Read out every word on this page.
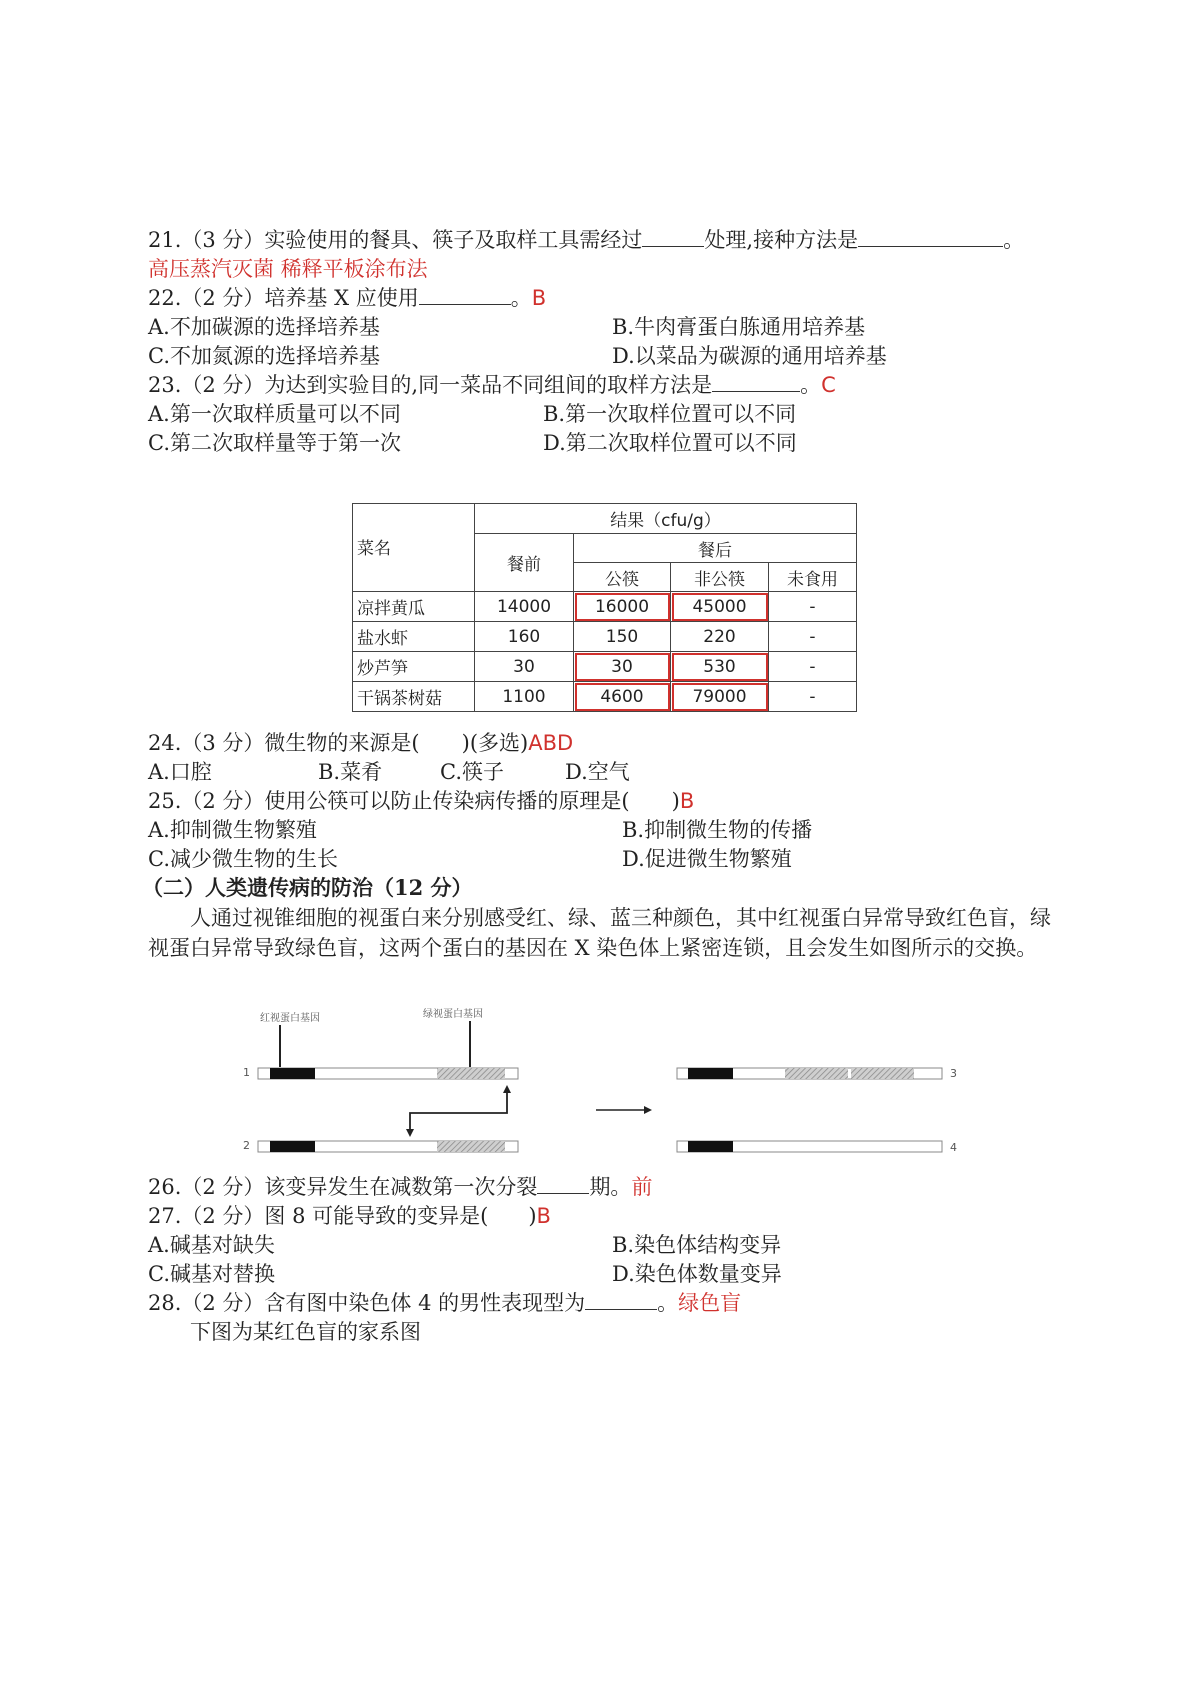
21.（3 分）实验使用的餐具、筷子及取样工具需经过	处理,接种方法是	。
高压蒸汽灭菌 稀释平板涂布法
22.（2 分）培养基 X 应使用	。B
A.不加碳源的选择培养基	B.牛肉膏蛋白胨通用培养基
C.不加氮源的选择培养基	D.以菜品为碳源的通用培养基
23.（2 分）为达到实验目的,同一菜品不同组间的取样方法是	。C
A.第一次取样质量可以不同	B.第一次取样位置可以不同
C.第二次取样量等于第一次	D.第二次取样位置可以不同
菜名	结果（cfu/g）			
	餐前	餐后		
		公筷	非公筷	未食用
凉拌黄瓜	14000	16000	45000	-
盐水虾	160	150	220	-
炒芦笋	30	30	530	-
干锅茶树菇	1100	4600	79000	-
24.（3 分）微生物的来源是( )(多选)ABD
A.口腔	B.菜肴	C.筷子	D.空气
25.（2 分）使用公筷可以防止传染病传播的原理是( )B
A.抑制微生物繁殖	B.抑制微生物的传播
C.减少微生物的生长	D.促进微生物繁殖
（二）人类遗传病的防治（12 分）
人通过视锥细胞的视蛋白来分别感受红、绿、蓝三种颜色，其中红视蛋白异常导致红色盲，绿视蛋白异常导致绿色盲，这两个蛋白的基因在 X 染色体上紧密连锁，且会发生如图所示的交换。
红视蛋白基因	绿视蛋白基因
1
2
3
4
26.（2 分）该变异发生在减数第一次分裂 期。前
27.（2 分）图 8 可能导致的变异是( )B
A.碱基对缺失	B.染色体结构变异
C.碱基对替换	D.染色体数量变异
28.（2 分）含有图中染色体 4 的男性表现型为	。绿色盲
下图为某红色盲的家系图
